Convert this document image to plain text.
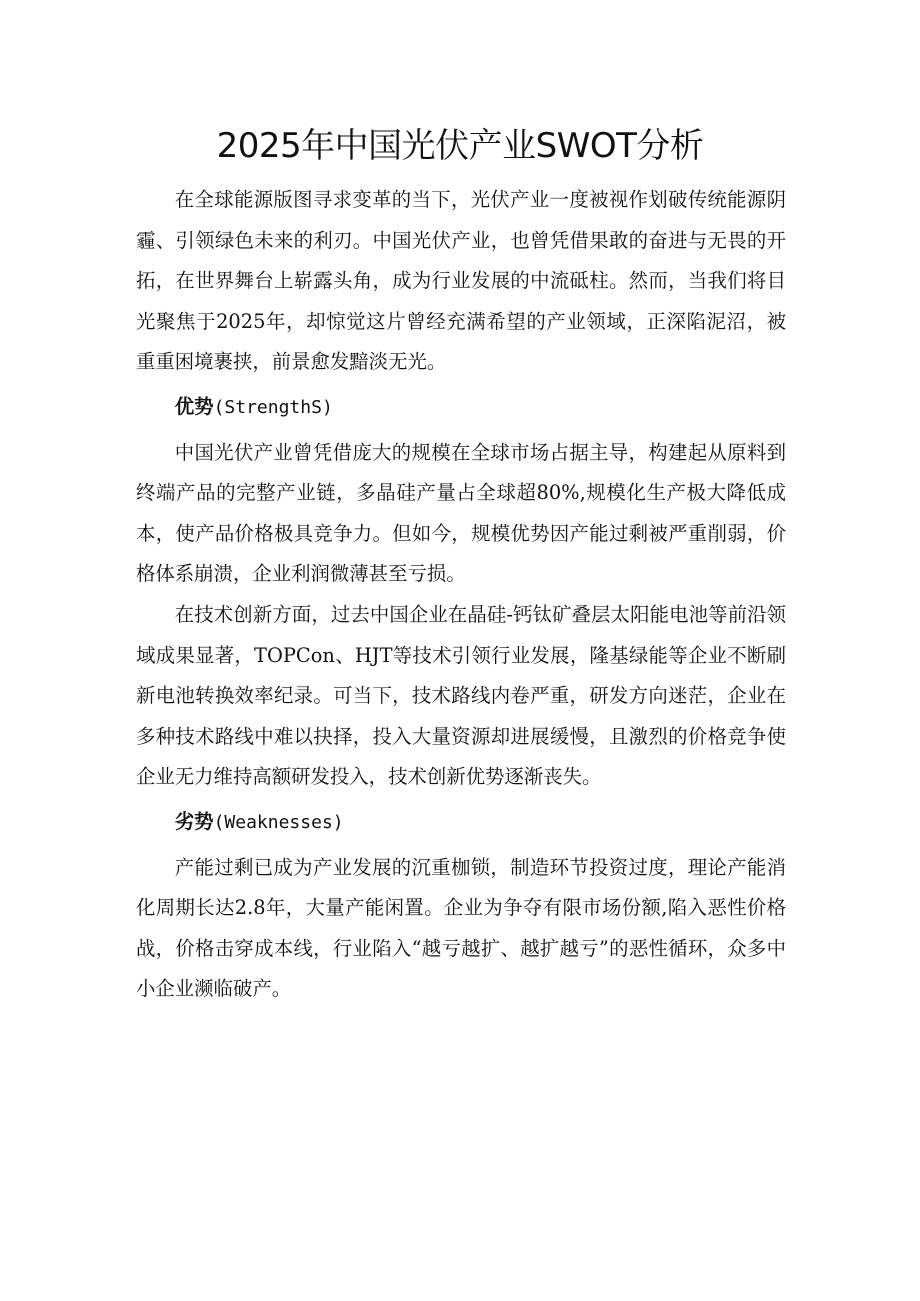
2025年中国光伏产业SWOT分析

在全球能源版图寻求变革的当下，光伏产业一度被视作划破传统能源阴霾、引领绿色未来的利刃。中国光伏产业，也曾凭借果敢的奋进与无畏的开拓，在世界舞台上崭露头角，成为行业发展的中流砥柱。然而，当我们将目光聚焦于2025年，却惊觉这片曾经充满希望的产业领域，正深陷泥沼，被重重困境裹挟，前景愈发黯淡无光。

优势(StrengthS)

中国光伏产业曾凭借庞大的规模在全球市场占据主导，构建起从原料到终端产品的完整产业链，多晶硅产量占全球超80%,规模化生产极大降低成本，使产品价格极具竞争力。但如今，规模优势因产能过剩被严重削弱，价格体系崩溃，企业利润微薄甚至亏损。

在技术创新方面，过去中国企业在晶硅-钙钛矿叠层太阳能电池等前沿领域成果显著，TOPCon、HJT等技术引领行业发展，隆基绿能等企业不断刷新电池转换效率纪录。可当下，技术路线内卷严重，研发方向迷茫，企业在多种技术路线中难以抉择，投入大量资源却进展缓慢，且激烈的价格竞争使企业无力维持高额研发投入，技术创新优势逐渐丧失。

劣势(Weaknesses)

产能过剩已成为产业发展的沉重枷锁，制造环节投资过度，理论产能消化周期长达2.8年，大量产能闲置。企业为争夺有限市场份额,陷入恶性价格战，价格击穿成本线，行业陷入“越亏越扩、越扩越亏”的恶性循环，众多中小企业濒临破产。
